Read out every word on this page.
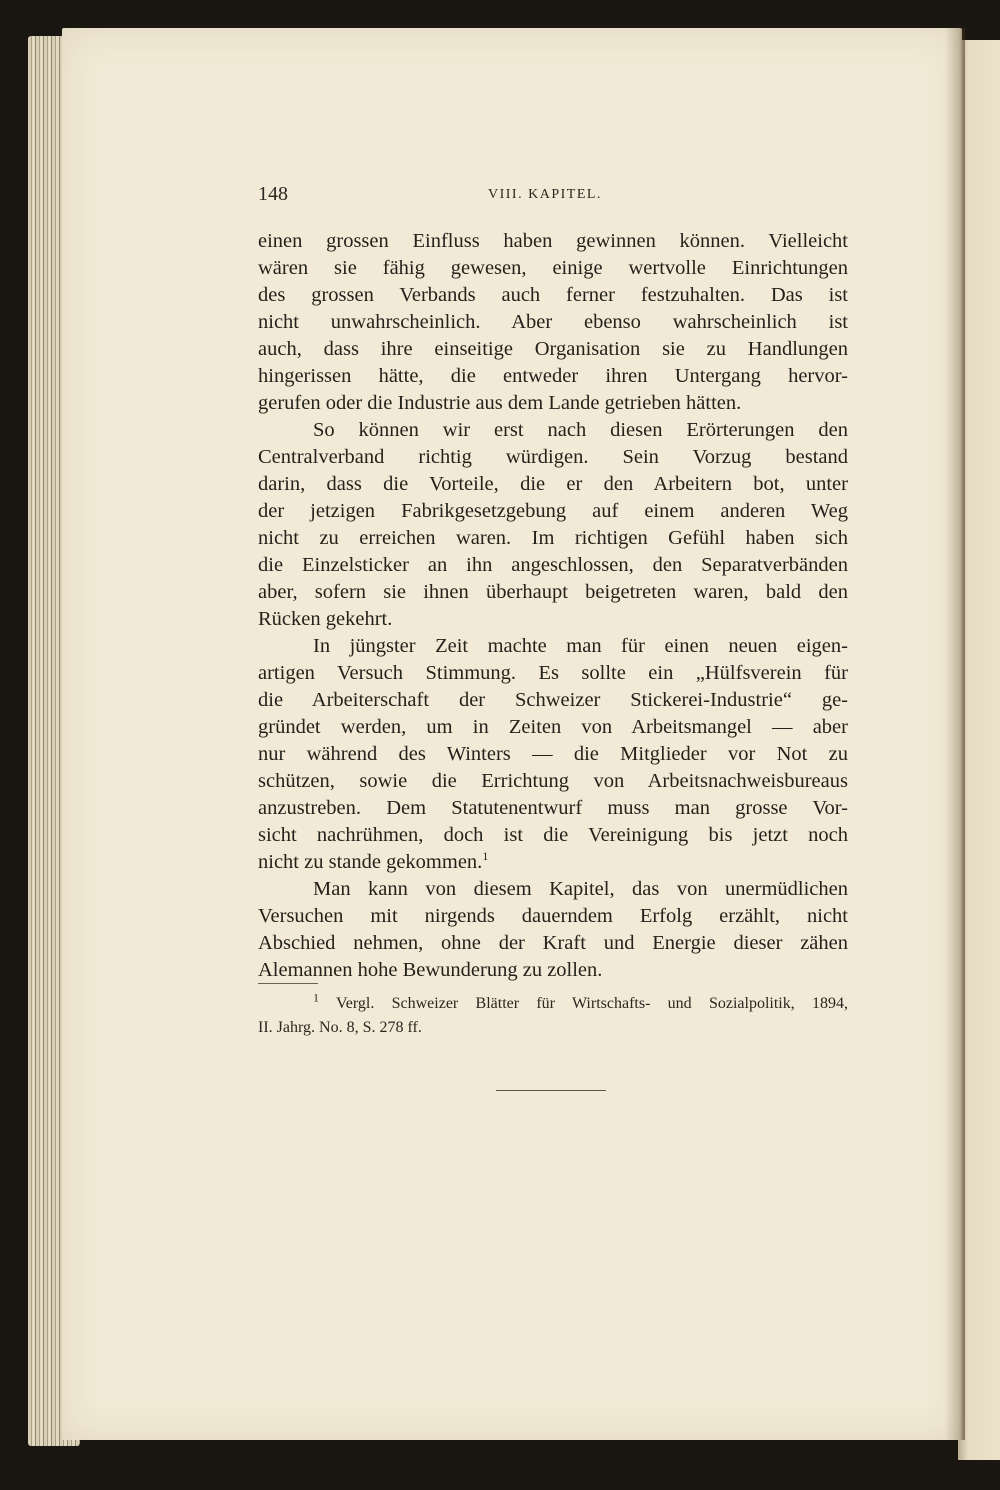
148	VIII. KAPITEL.
einen grossen Einfluss haben gewinnen können. Vielleicht
wären sie fähig gewesen, einige wertvolle Einrichtungen
des grossen Verbands auch ferner festzuhalten. Das ist
nicht unwahrscheinlich. Aber ebenso wahrscheinlich ist
auch, dass ihre einseitige Organisation sie zu Handlungen
hingerissen hätte, die entweder ihren Untergang hervor-
gerufen oder die Industrie aus dem Lande getrieben hätten.
So können wir erst nach diesen Erörterungen den
Centralverband richtig würdigen. Sein Vorzug bestand
darin, dass die Vorteile, die er den Arbeitern bot, unter
der jetzigen Fabrikgesetzgebung auf einem anderen Weg
nicht zu erreichen waren. Im richtigen Gefühl haben sich
die Einzelsticker an ihn angeschlossen, den Separatverbänden
aber, sofern sie ihnen überhaupt beigetreten waren, bald den
Rücken gekehrt.
In jüngster Zeit machte man für einen neuen eigen-
artigen Versuch Stimmung. Es sollte ein „Hülfsverein für
die Arbeiterschaft der Schweizer Stickerei-Industrie“ ge-
gründet werden, um in Zeiten von Arbeitsmangel — aber
nur während des Winters — die Mitglieder vor Not zu
schützen, sowie die Errichtung von Arbeitsnachweisbureaus
anzustreben. Dem Statutenentwurf muss man grosse Vor-
sicht nachrühmen, doch ist die Vereinigung bis jetzt noch
nicht zu stande gekommen.$^1$
Man kann von diesem Kapitel, das von unermüdlichen
Versuchen mit nirgends dauerndem Erfolg erzählt, nicht
Abschied nehmen, ohne der Kraft und Energie dieser zähen
Alemannen hohe Bewunderung zu zollen.
$^1$ Vergl. Schweizer Blätter für Wirtschafts- und Sozialpolitik, 1894,
II. Jahrg. No. 8, S. 278 ff.
